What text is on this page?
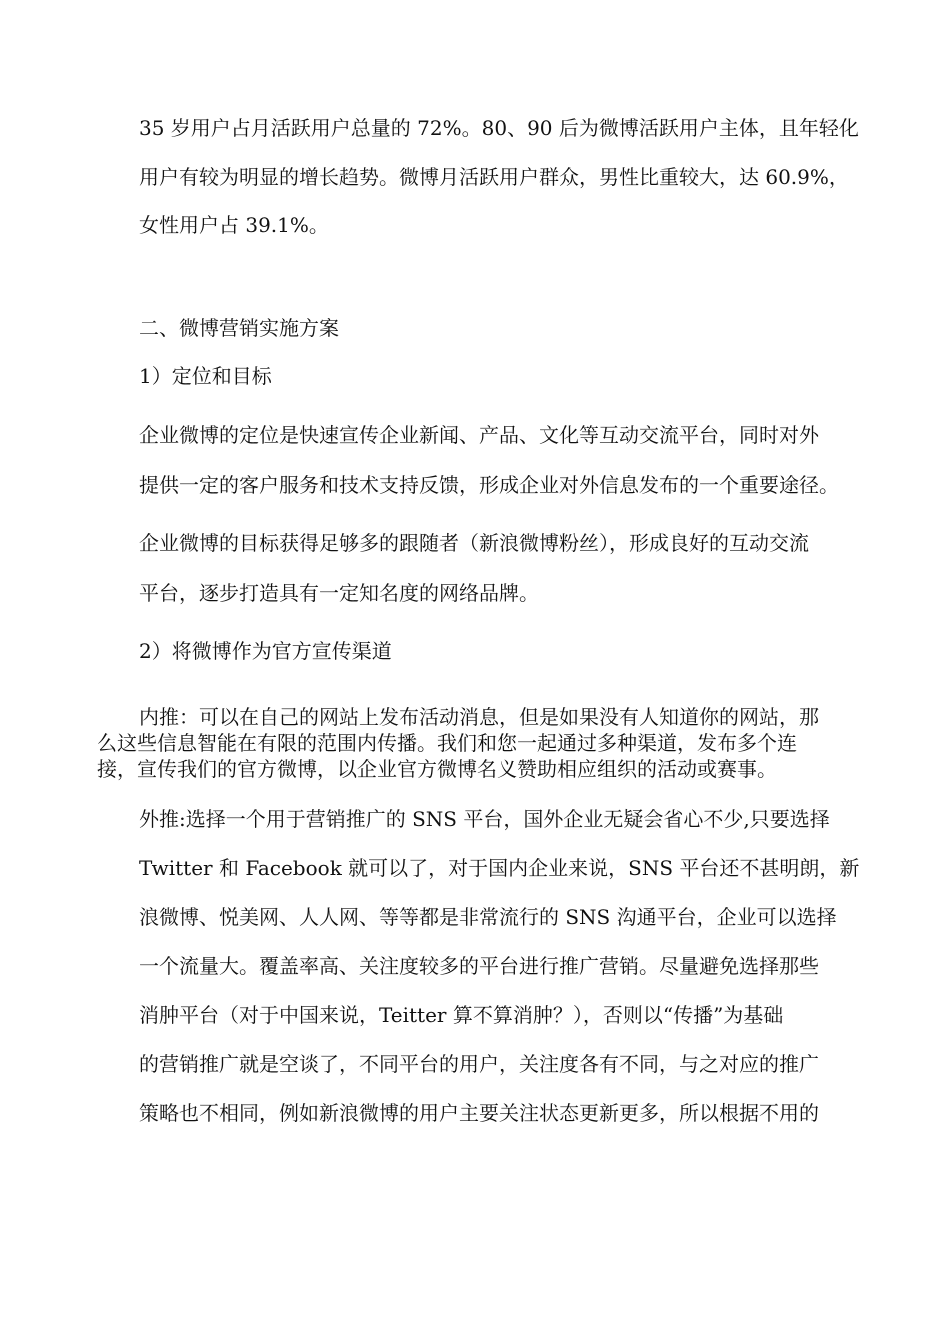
35 岁用户占月活跃用户总量的 72%。80、90 后为微博活跃用户主体，且年轻化
用户有较为明显的增长趋势。微博月活跃用户群众，男性比重较大，达 60.9%，
女性用户占 39.1%。
二、微博营销实施方案
1）定位和目标
企业微博的定位是快速宣传企业新闻、产品、文化等互动交流平台，同时对外
提供一定的客户服务和技术支持反馈，形成企业对外信息发布的一个重要途径。
企业微博的目标获得足够多的跟随者（新浪微博粉丝），形成良好的互动交流
平台，逐步打造具有一定知名度的网络品牌。
2）将微博作为官方宣传渠道
内推：可以在自己的网站上发布活动消息，但是如果没有人知道你的网站，那
么这些信息智能在有限的范围内传播。我们和您一起通过多种渠道，发布多个连
接，宣传我们的官方微博，以企业官方微博名义赞助相应组织的活动或赛事。
外推:选择一个用于营销推广的 SNS 平台，国外企业无疑会省心不少,只要选择
Twitter 和 Facebook 就可以了，对于国内企业来说，SNS 平台还不甚明朗，新
浪微博、悦美网、人人网、等等都是非常流行的 SNS 沟通平台，企业可以选择
一个流量大。覆盖率高、关注度较多的平台进行推广营销。尽量避免选择那些
消肿平台（对于中国来说，Teitter 算不算消肿？），否则以“传播”为基础
的营销推广就是空谈了，不同平台的用户，关注度各有不同，与之对应的推广
策略也不相同，例如新浪微博的用户主要关注状态更新更多，所以根据不用的
